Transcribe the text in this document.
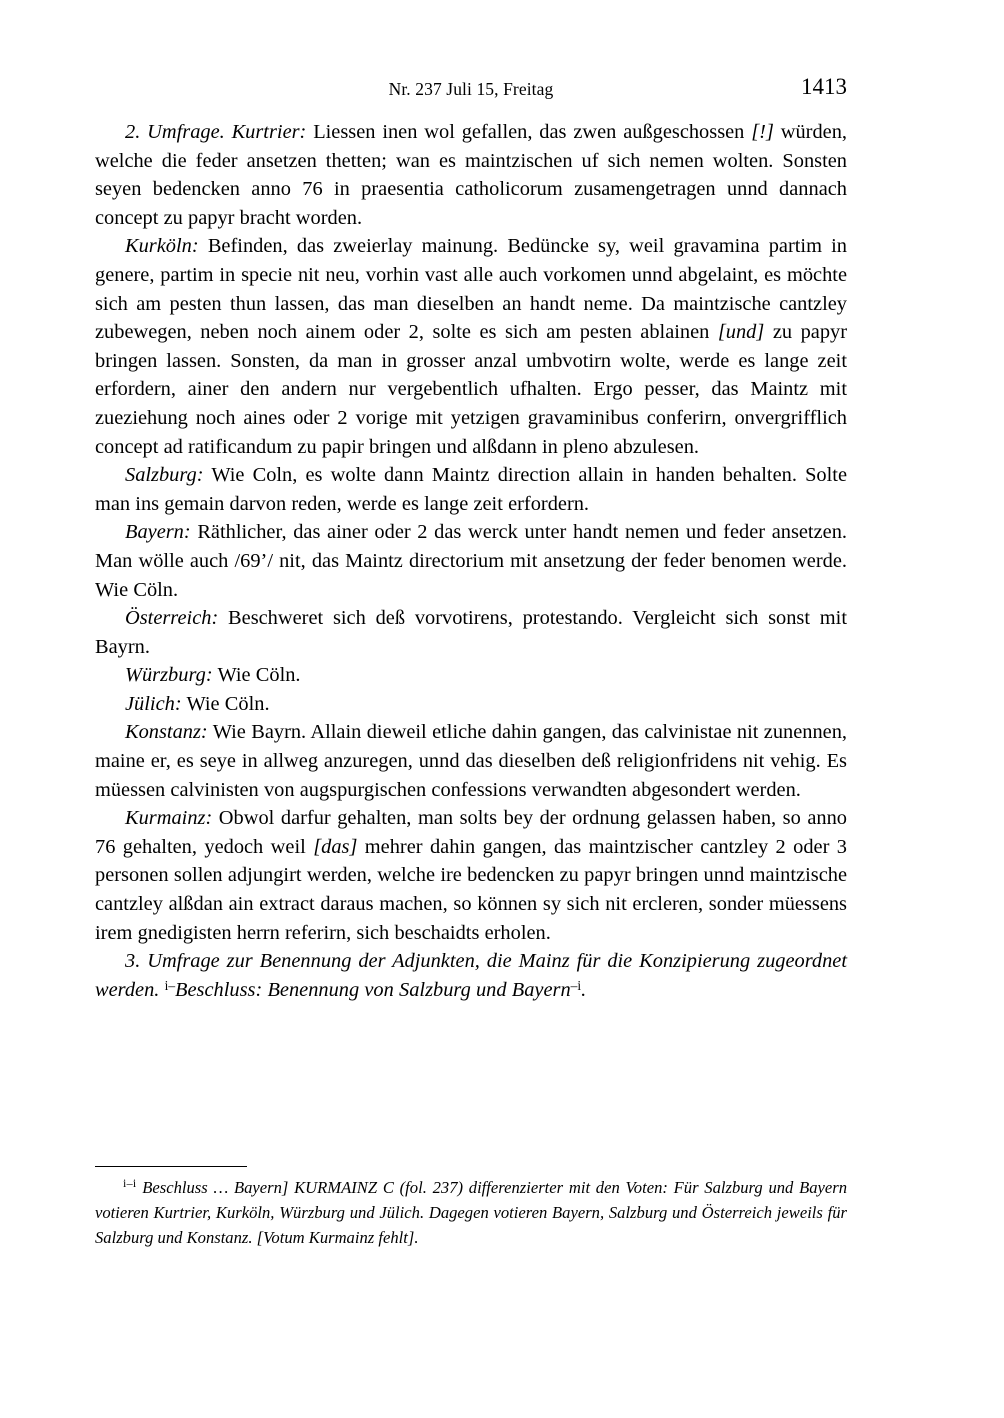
Nr. 237 Juli 15, Freitag	1413

2. Umfrage. Kurtrier: Liessen inen wol gefallen, das zwen außgeschossen [!] würden, welche die feder ansetzen thetten; wan es maintzischen uf sich nemen wolten. Sonsten seyen bedencken anno 76 in praesentia catholicorum zusamengetragen unnd dannach concept zu papyr bracht worden.

Kurköln: Befinden, das zweierlay mainung. Bedüncke sy, weil gravamina partim in genere, partim in specie nit neu, vorhin vast alle auch vorkomen unnd abgelaint, es möchte sich am pesten thun lassen, das man dieselben an handt neme. Da maintzische cantzley zubewegen, neben noch ainem oder 2, solte es sich am pesten ablainen [und] zu papyr bringen lassen. Sonsten, da man in grosser anzal umbvotirn wolte, werde es lange zeit erfordern, ainer den andern nur vergebentlich ufhalten. Ergo pesser, das Maintz mit zueziehung noch aines oder 2 vorige mit yetzigen gravaminibus conferirn, onvergrifflich concept ad ratificandum zu papir bringen und alßdann in pleno abzulesen.

Salzburg: Wie Coln, es wolte dann Maintz direction allain in handen behalten. Solte man ins gemain darvon reden, werde es lange zeit erfordern.

Bayern: Räthlicher, das ainer oder 2 das werck unter handt nemen und feder ansetzen. Man wölle auch /69’/ nit, das Maintz directorium mit ansetzung der feder benomen werde. Wie Cöln.

Österreich: Beschweret sich deß vorvotirens, protestando. Vergleicht sich sonst mit Bayrn.

Würzburg: Wie Cöln.

Jülich: Wie Cöln.

Konstanz: Wie Bayrn. Allain dieweil etliche dahin gangen, das calvinistae nit zunennen, maine er, es seye in allweg anzuregen, unnd das dieselben deß religionfridens nit vehig. Es müessen calvinisten von augspurgischen confessions verwandten abgesondert werden.

Kurmainz: Obwol darfur gehalten, man solts bey der ordnung gelassen haben, so anno 76 gehalten, yedoch weil [das] mehrer dahin gangen, das maintzischer cantzley 2 oder 3 personen sollen adjungirt werden, welche ire bedencken zu papyr bringen unnd maintzische cantzley alßdan ain extract daraus machen, so können sy sich nit ercleren, sonder müessens irem gnedigisten herrn referirn, sich beschaidts erholen.

3. Umfrage zur Benennung der Adjunkten, die Mainz für die Konzipierung zugeordnet werden. $^{i-}$Beschluss: Benennung von Salzburg und Bayern$^{-i}$.

$^{i-i}$ Beschluss … Bayern] KURMAINZ C (fol. 237) differenzierter mit den Voten: Für Salzburg und Bayern votieren Kurtrier, Kurköln, Würzburg und Jülich. Dagegen votieren Bayern, Salzburg und Österreich jeweils für Salzburg und Konstanz. [Votum Kurmainz fehlt].
